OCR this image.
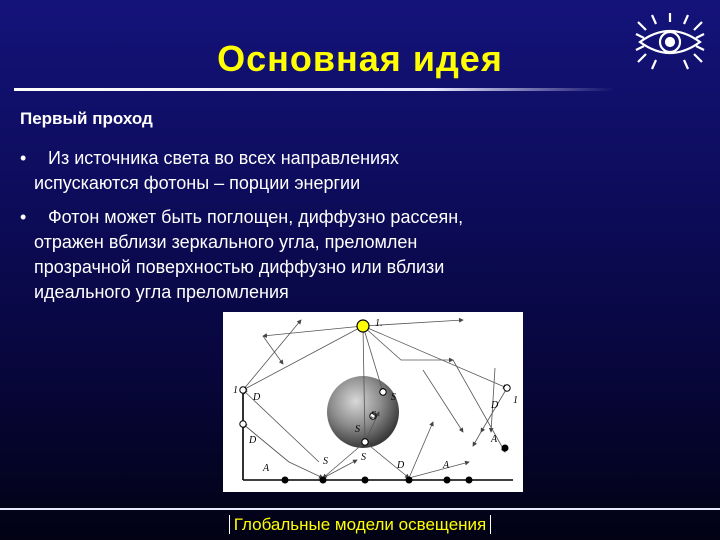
Основная идея
Первый проход
• Из источника света во всех направлениях
испускаются фотоны – порции энергии
• Фотон может быть поглощен, диффузно рассеян,
отражен вблизи зеркального угла, преломлен
прозрачной поверхностью диффузно или вблизи
идеального угла преломления
1.
1
D
D
A
S	S
S
D	A
D 1
A
S
S
Глобальные модели освещения
